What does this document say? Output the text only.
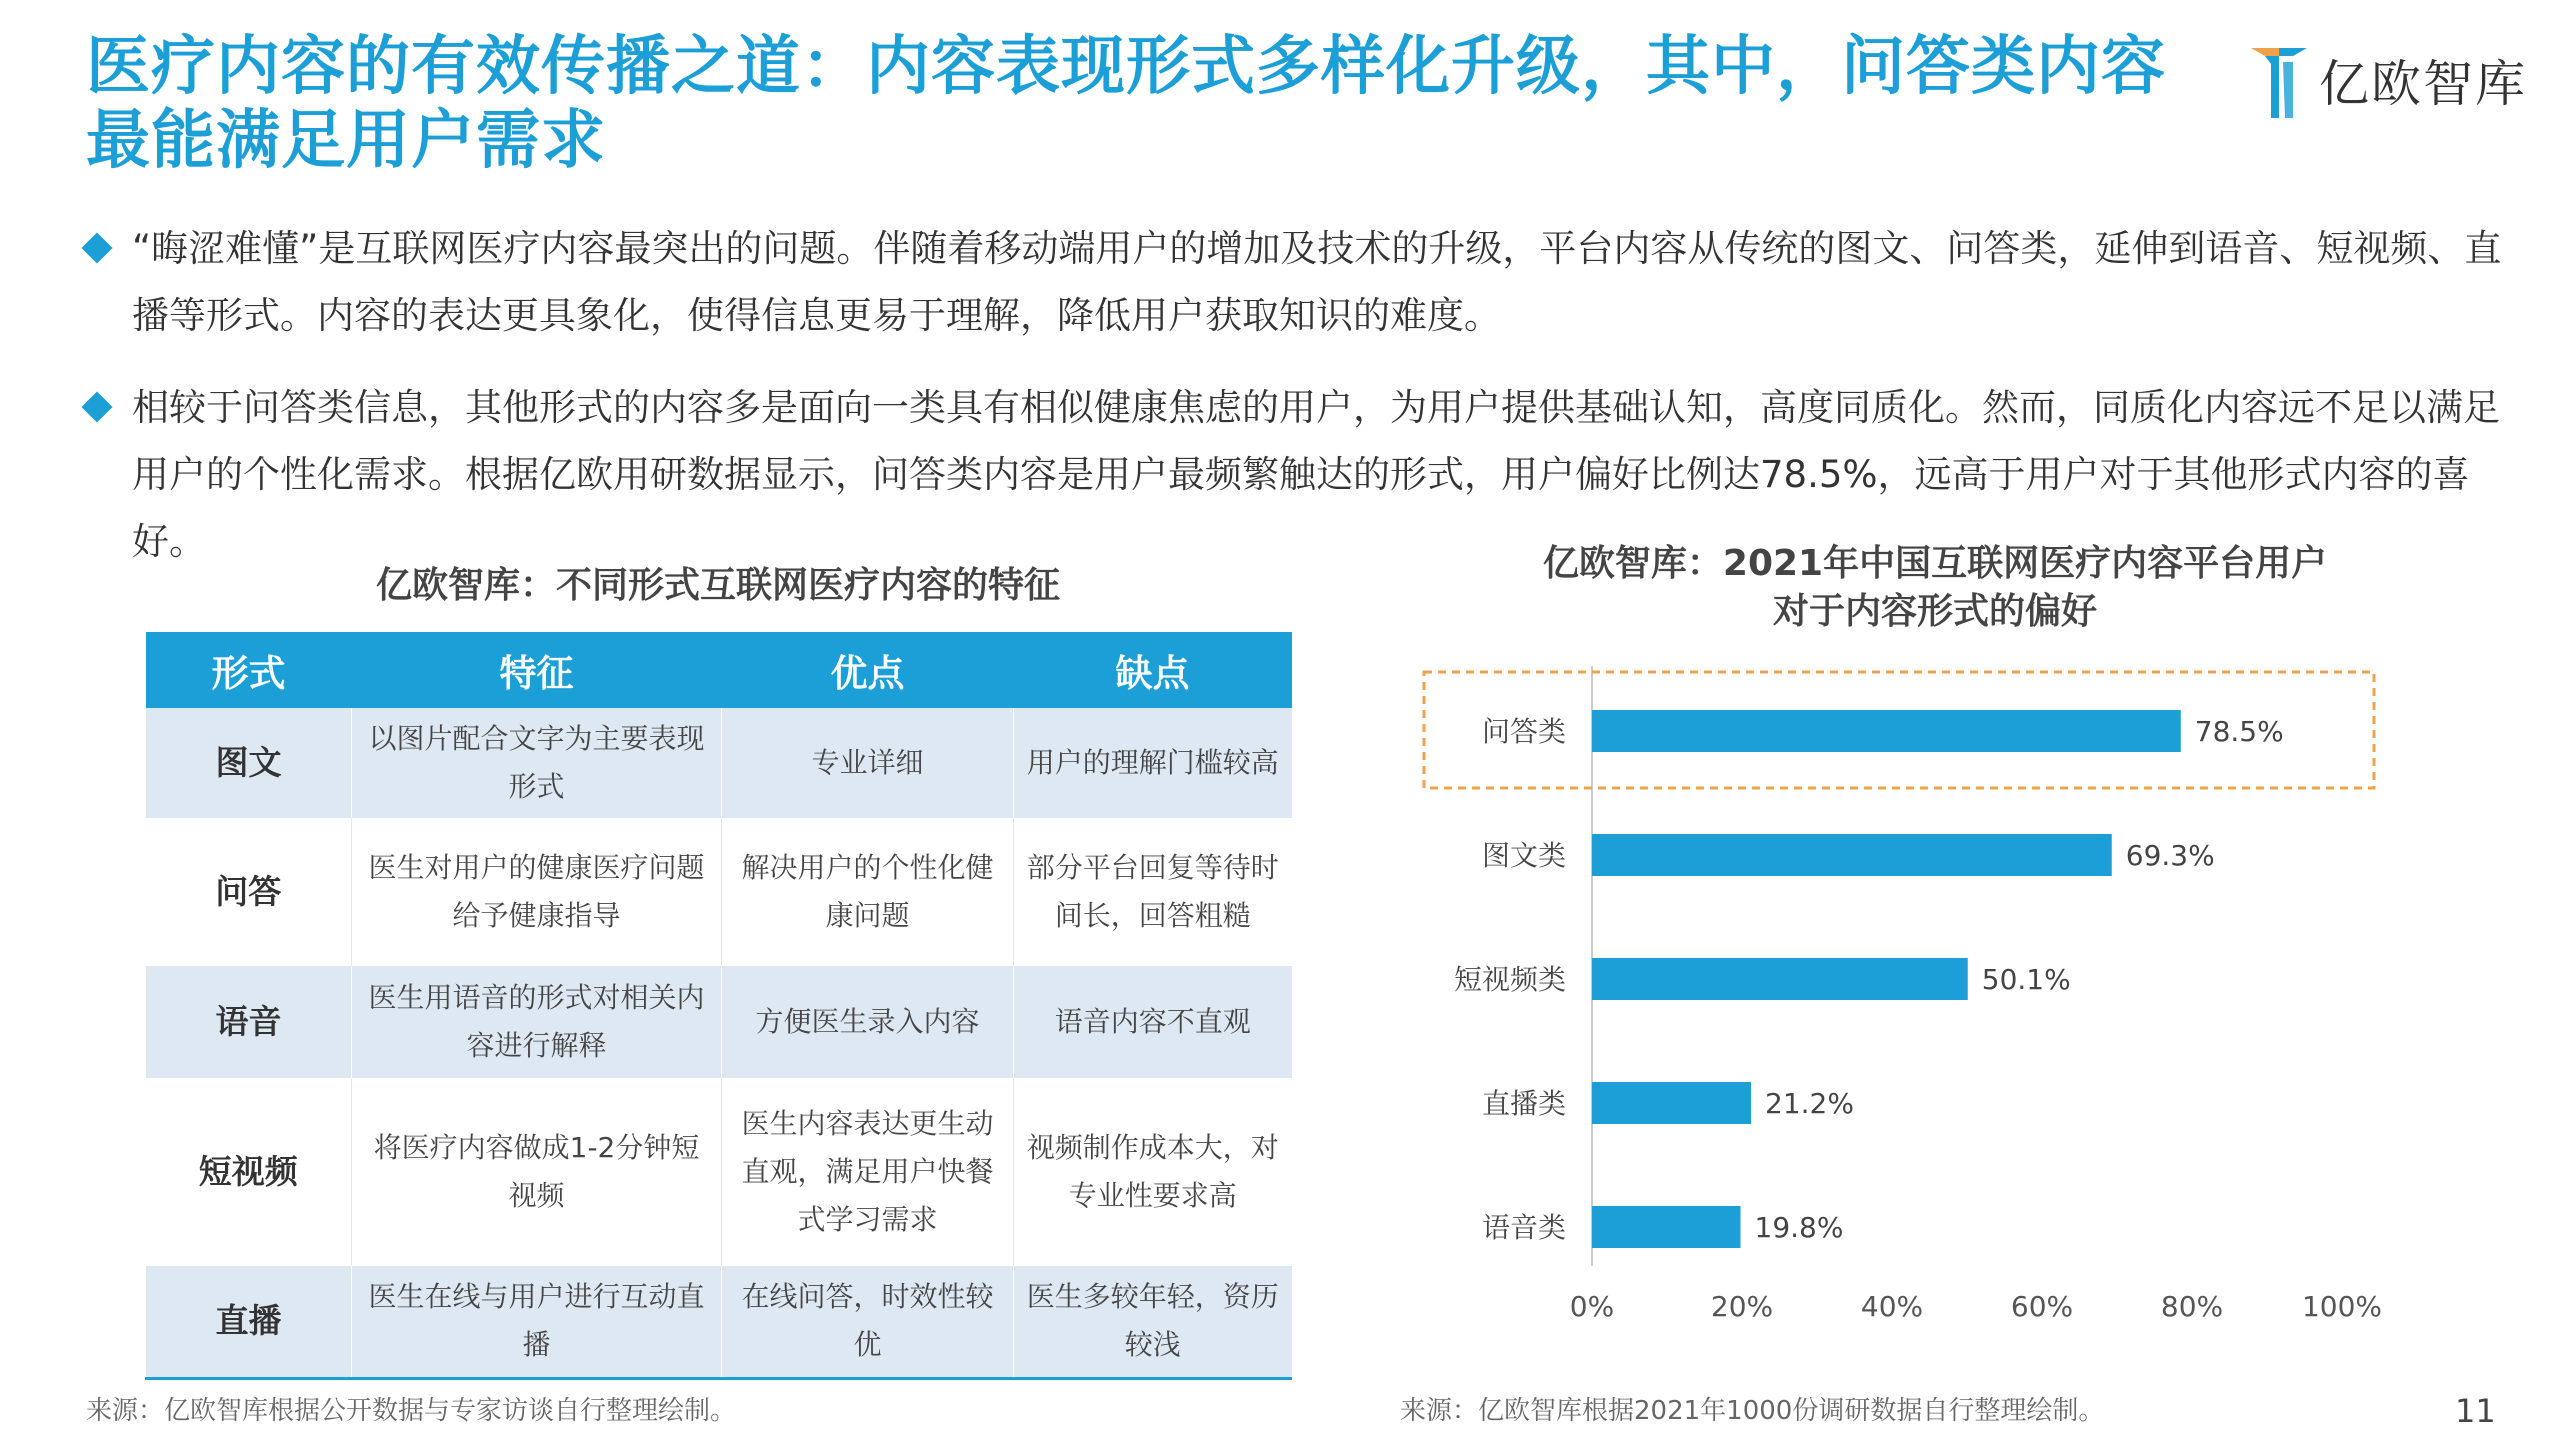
医疗内容的有效传播之道：内容表现形式多样化升级，其中，问答类内容最能满足用户需求
亿欧智库
“晦涩难懂”是互联网医疗内容最突出的问题。伴随着移动端用户的增加及技术的升级，平台内容从传统的图文、问答类，延伸到语音、短视频、直播等形式。内容的表达更具象化，使得信息更易于理解，降低用户获取知识的难度。
相较于问答类信息，其他形式的内容多是面向一类具有相似健康焦虑的用户，为用户提供基础认知，高度同质化。然而，同质化内容远不足以满足用户的个性化需求。根据亿欧用研数据显示，问答类内容是用户最频繁触达的形式，用户偏好比例达78.5%，远高于用户对于其他形式内容的喜好。
亿欧智库：不同形式互联网医疗内容的特征
形式	特征	优点	缺点
图文	以图片配合文字为主要表现形式	专业详细	用户的理解门槛较高
问答	医生对用户的健康医疗问题给予健康指导	解决用户的个性化健康问题	部分平台回复等待时间长，回答粗糙
语音	医生用语音的形式对相关内容进行解释	方便医生录入内容	语音内容不直观
短视频	将医疗内容做成1-2分钟短视频	医生内容表达更生动直观，满足用户快餐式学习需求	视频制作成本大，对专业性要求高
直播	医生在线与用户进行互动直播	在线问答，时效性较优	医生多较年轻，资历较浅
来源：亿欧智库根据公开数据与专家访谈自行整理绘制。
亿欧智库：2021年中国互联网医疗内容平台用户
对于内容形式的偏好
问答类	78.5%
图文类	69.3%
短视频类	50.1%
直播类	21.2%
语音类	19.8%
0%	20%	40%	60%	80%	100%
来源：亿欧智库根据2021年1000份调研数据自行整理绘制。	11
